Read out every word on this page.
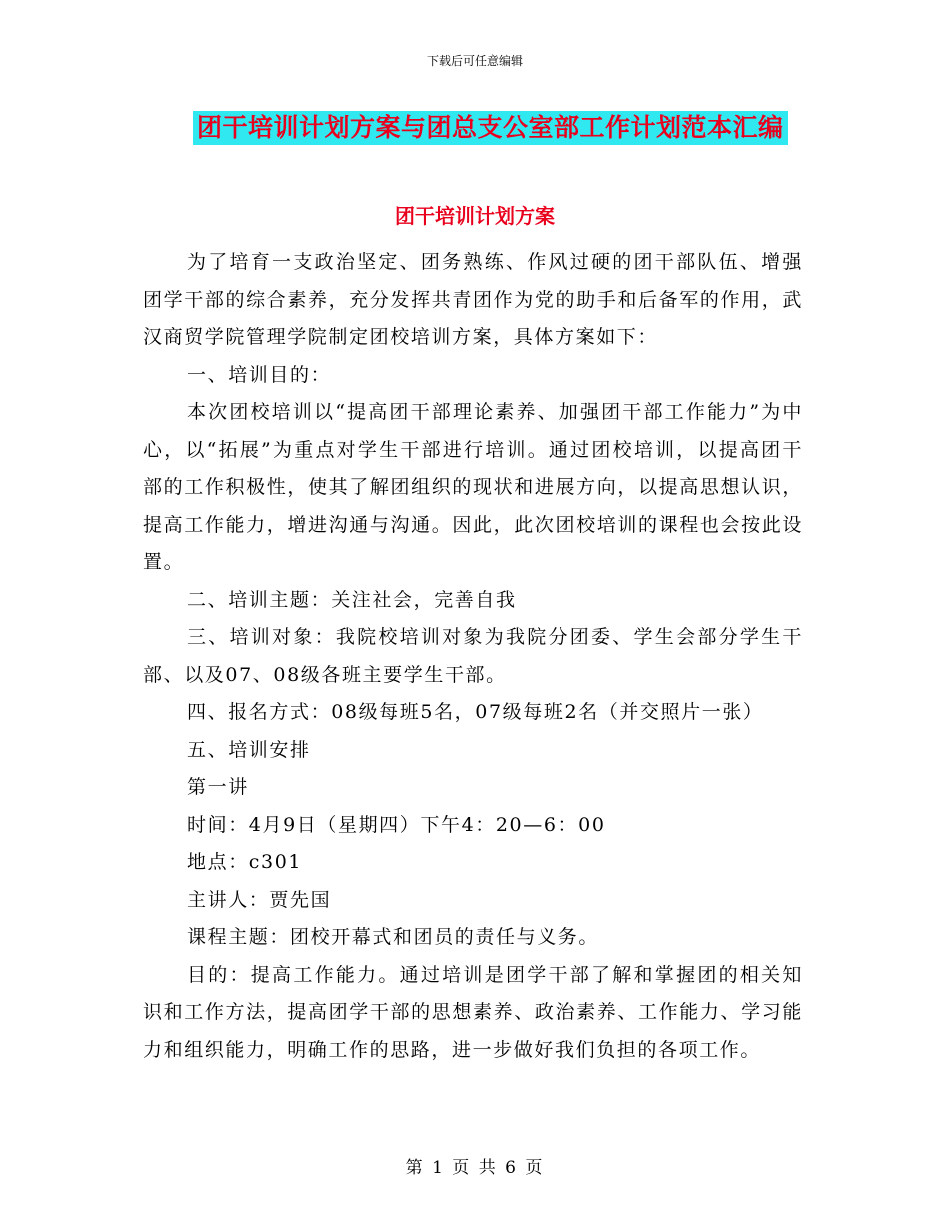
下载后可任意编辑
团干培训计划方案与团总支公室部工作计划范本汇编
团干培训计划方案

为了培育一支政治坚定、团务熟练、作风过硬的团干部队伍、增强团学干部的综合素养，充分发挥共青团作为党的助手和后备军的作用，武汉商贸学院管理学院制定团校培训方案，具体方案如下：

一、培训目的：

本次团校培训以“提高团干部理论素养、加强团干部工作能力”为中心，以“拓展”为重点对学生干部进行培训。通过团校培训，以提高团干部的工作积极性，使其了解团组织的现状和进展方向，以提高思想认识，提高工作能力，增进沟通与沟通。因此，此次团校培训的课程也会按此设置。

二、培训主题：关注社会，完善自我

三、培训对象：我院校培训对象为我院分团委、学生会部分学生干部、以及07、08级各班主要学生干部。

四、报名方式：08级每班5名，07级每班2名（并交照片一张）

五、培训安排

第一讲

时间：4月9日（星期四）下午4：20—6：00

地点：c301

主讲人：贾先国

课程主题：团校开幕式和团员的责任与义务。

目的：提高工作能力。通过培训是团学干部了解和掌握团的相关知识和工作方法，提高团学干部的思想素养、政治素养、工作能力、学习能力和组织能力，明确工作的思路，进一步做好我们负担的各项工作。

第 1 页 共 6 页
